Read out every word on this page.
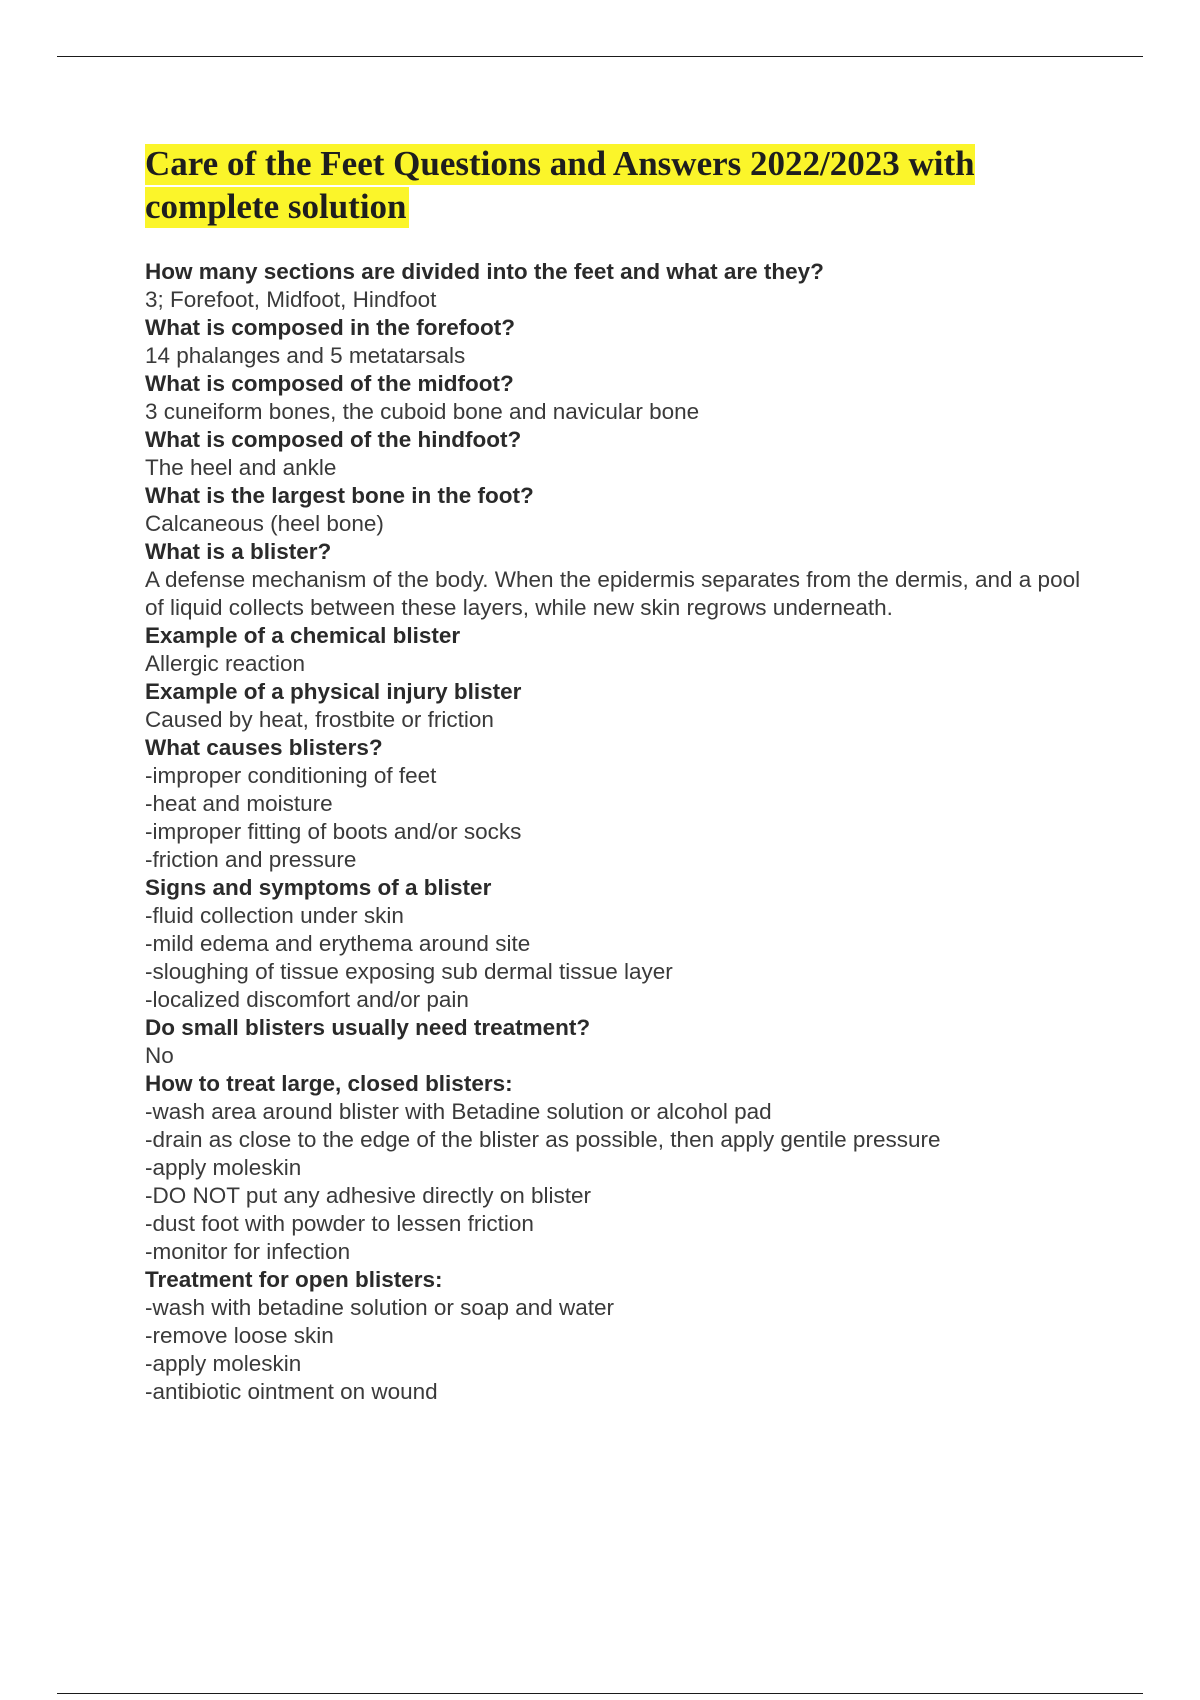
Care of the Feet Questions and Answers 2022/2023 with complete solution
How many sections are divided into the feet and what are they?
3; Forefoot, Midfoot, Hindfoot
What is composed in the forefoot?
14 phalanges and 5 metatarsals
What is composed of the midfoot?
3 cuneiform bones, the cuboid bone and navicular bone
What is composed of the hindfoot?
The heel and ankle
What is the largest bone in the foot?
Calcaneous (heel bone)
What is a blister?
A defense mechanism of the body. When the epidermis separates from the dermis, and a pool of liquid collects between these layers, while new skin regrows underneath.
Example of a chemical blister
Allergic reaction
Example of a physical injury blister
Caused by heat, frostbite or friction
What causes blisters?
-improper conditioning of feet
-heat and moisture
-improper fitting of boots and/or socks
-friction and pressure
Signs and symptoms of a blister
-fluid collection under skin
-mild edema and erythema around site
-sloughing of tissue exposing sub dermal tissue layer
-localized discomfort and/or pain
Do small blisters usually need treatment?
No
How to treat large, closed blisters:
-wash area around blister with Betadine solution or alcohol pad
-drain as close to the edge of the blister as possible, then apply gentile pressure
-apply moleskin
-DO NOT put any adhesive directly on blister
-dust foot with powder to lessen friction
-monitor for infection
Treatment for open blisters:
-wash with betadine solution or soap and water
-remove loose skin
-apply moleskin
-antibiotic ointment on wound
